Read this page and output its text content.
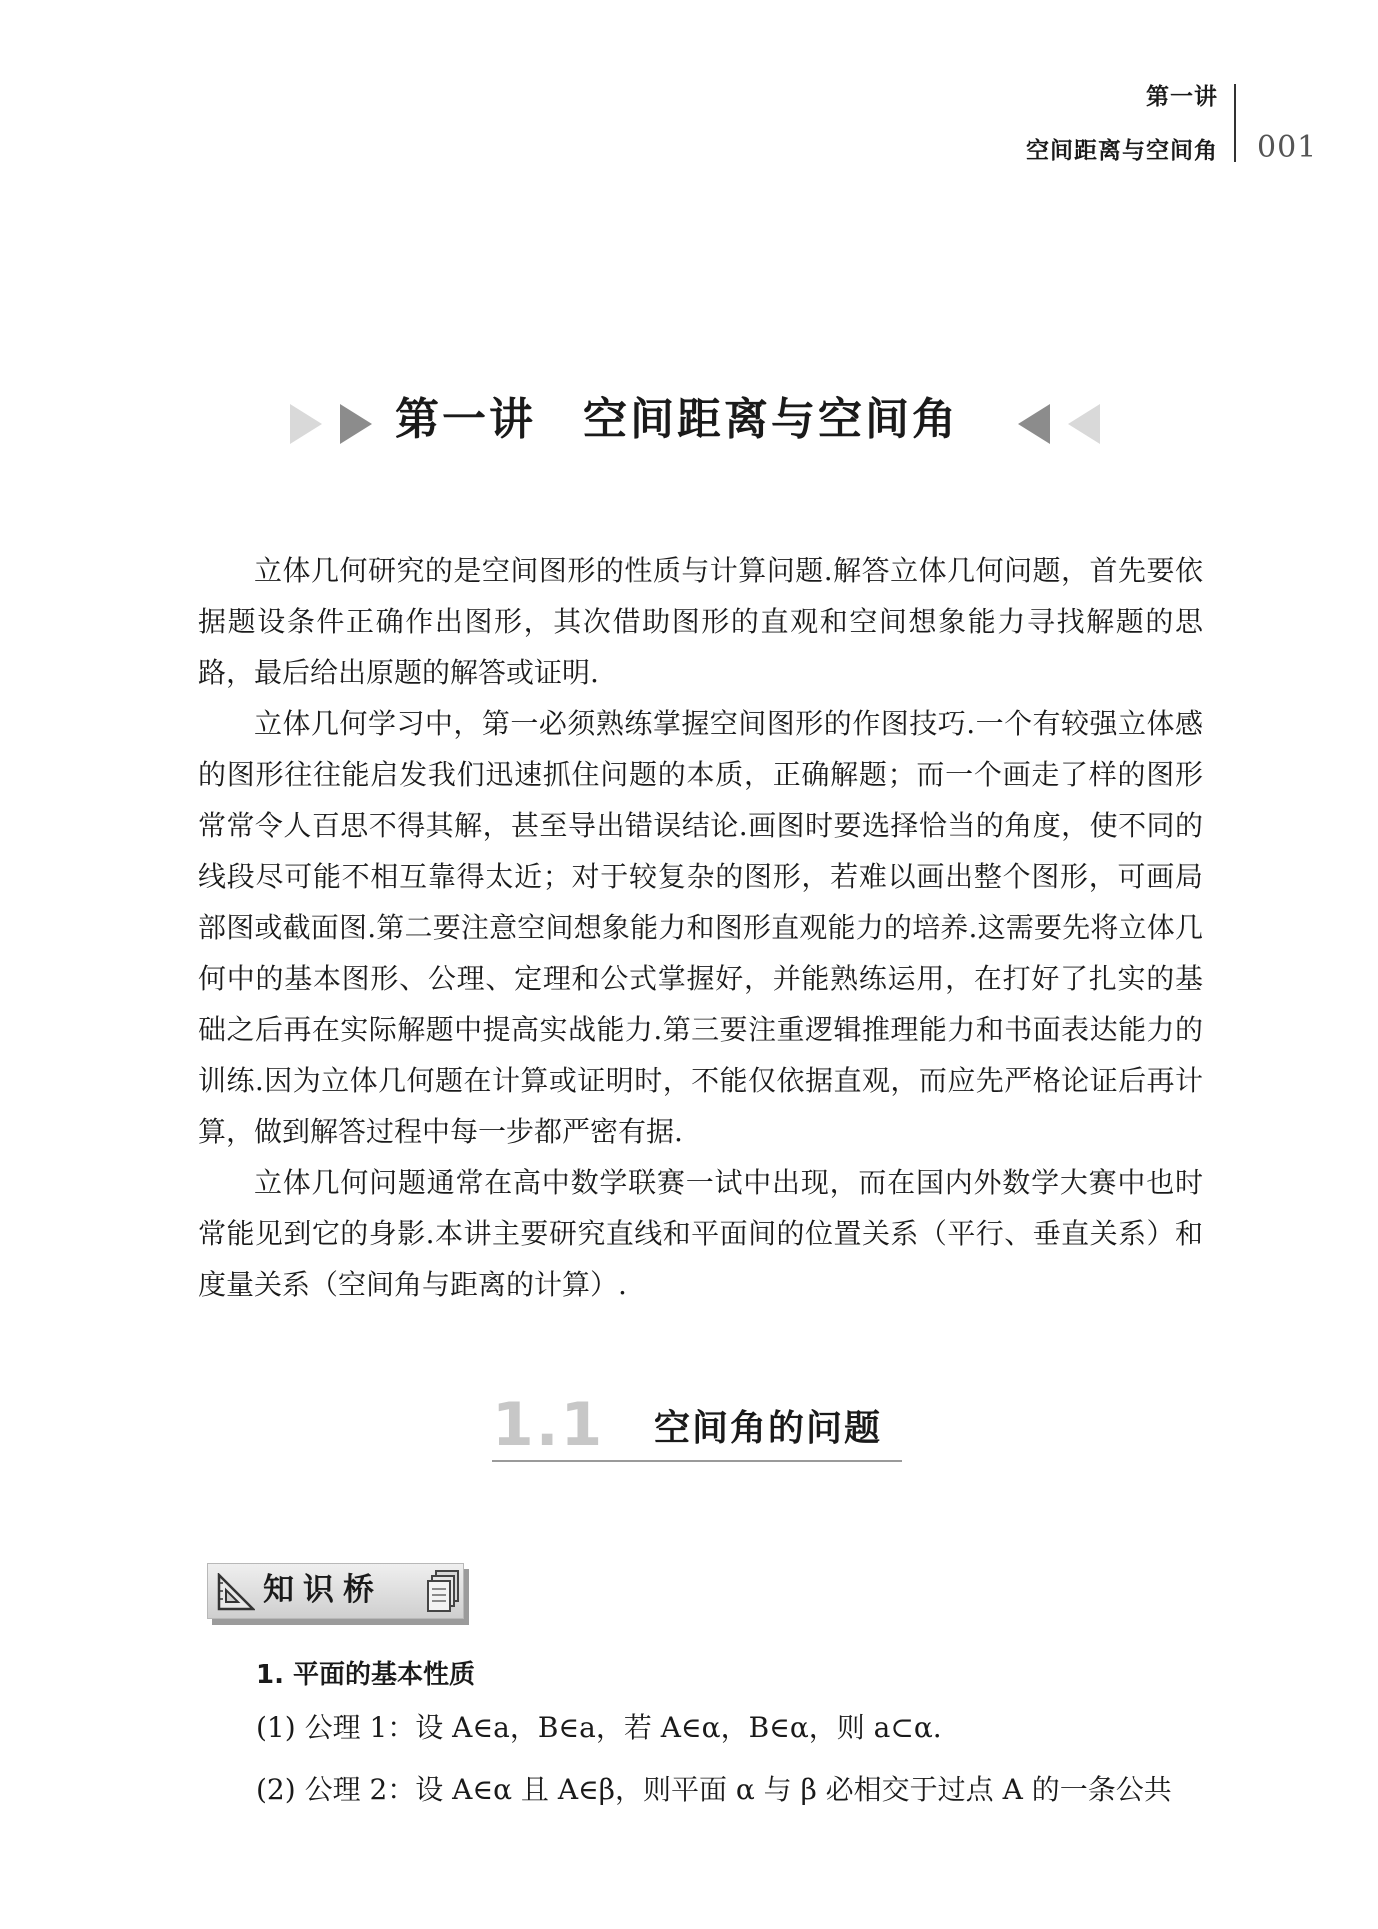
第一讲
空间距离与空间角 001
第一讲　空间距离与空间角

立体几何研究的是空间图形的性质与计算问题.解答立体几何问题，首先要依据题设条件正确作出图形，其次借助图形的直观和空间想象能力寻找解题的思路，最后给出原题的解答或证明.

立体几何学习中，第一必须熟练掌握空间图形的作图技巧.一个有较强立体感的图形往往能启发我们迅速抓住问题的本质，正确解题；而一个画走了样的图形常常令人百思不得其解，甚至导出错误结论.画图时要选择恰当的角度，使不同的线段尽可能不相互靠得太近；对于较复杂的图形，若难以画出整个图形，可画局部图或截面图.第二要注意空间想象能力和图形直观能力的培养.这需要先将立体几何中的基本图形、公理、定理和公式掌握好，并能熟练运用，在打好了扎实的基础之后再在实际解题中提高实战能力.第三要注重逻辑推理能力和书面表达能力的训练.因为立体几何题在计算或证明时，不能仅依据直观，而应先严格论证后再计算，做到解答过程中每一步都严密有据.

立体几何问题通常在高中数学联赛一试中出现，而在国内外数学大赛中也时常能见到它的身影.本讲主要研究直线和平面间的位置关系（平行、垂直关系）和度量关系（空间角与距离的计算）.

1.1 空间角的问题
知识桥
1. 平面的基本性质
(1) 公理 1：设 A∈a，B∈a，若 A∈α，B∈α，则 a⊂α.
(2) 公理 2：设 A∈α 且 A∈β，则平面 α 与 β 必相交于过点 A 的一条公共
